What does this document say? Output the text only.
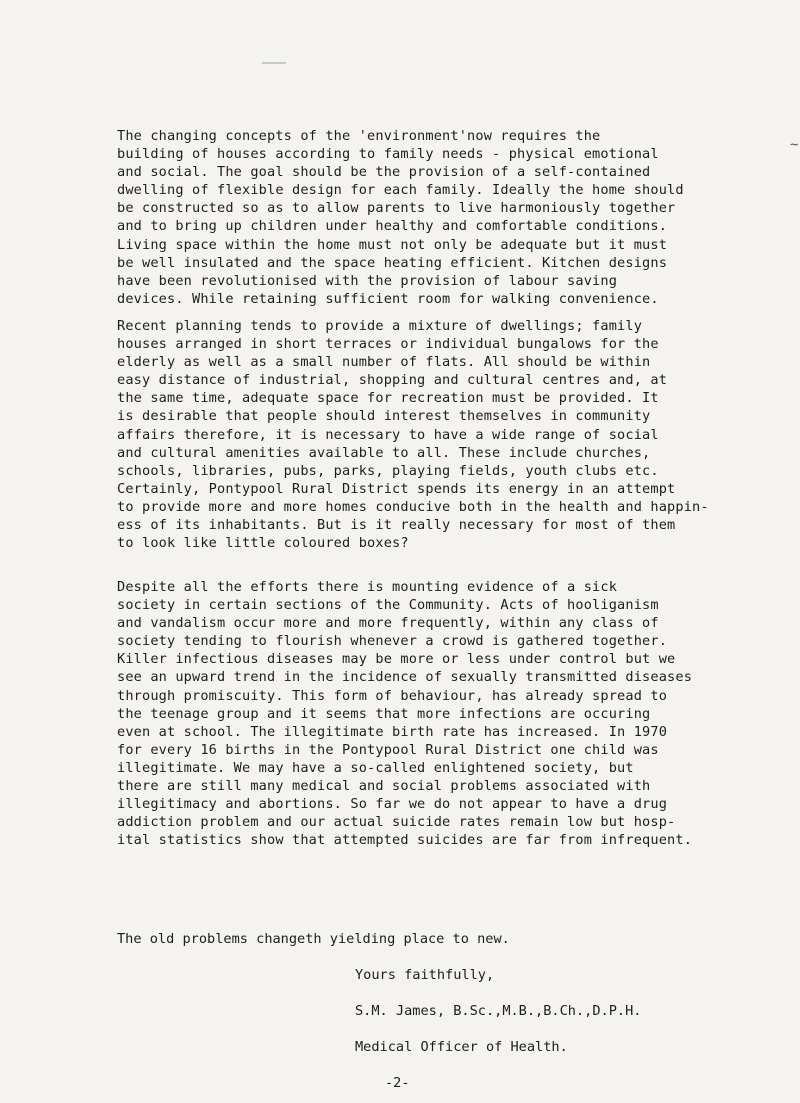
~
The changing concepts of the 'environment'now requires the
building of houses according to family needs - physical emotional
and social. The goal should be the provision of a self-contained
dwelling of flexible design for each family. Ideally the home should
be constructed so as to allow parents to live harmoniously together
and to bring up children under healthy and comfortable conditions.
Living space within the home must not only be adequate but it must
be well insulated and the space heating efficient. Kitchen designs
have been revolutionised with the provision of labour saving
devices. While retaining sufficient room for walking convenience.
Recent planning tends to provide a mixture of dwellings; family
houses arranged in short terraces or individual bungalows for the
elderly as well as a small number of flats. All should be within
easy distance of industrial, shopping and cultural centres and, at
the same time, adequate space for recreation must be provided. It
is desirable that people should interest themselves in community
affairs therefore, it is necessary to have a wide range of social
and cultural amenities available to all. These include churches,
schools, libraries, pubs, parks, playing fields, youth clubs etc.
Certainly, Pontypool Rural District spends its energy in an attempt
to provide more and more homes conducive both in the health and happin-
ess of its inhabitants. But is it really necessary for most of them
to look like little coloured boxes?
Despite all the efforts there is mounting evidence of a sick
society in certain sections of the Community. Acts of hooliganism
and vandalism occur more and more frequently, within any class of
society tending to flourish whenever a crowd is gathered together.
Killer infectious diseases may be more or less under control but we
see an upward trend in the incidence of sexually transmitted diseases
through promiscuity. This form of behaviour, has already spread to
the teenage group and it seems that more infections are occuring
even at school. The illegitimate birth rate has increased. In 1970
for every 16 births in the Pontypool Rural District one child was
illegitimate. We may have a so-called enlightened society, but
there are still many medical and social problems associated with
illegitimacy and abortions. So far we do not appear to have a drug
addiction problem and our actual suicide rates remain low but hosp-
ital statistics show that attempted suicides are far from infrequent.
The old problems changeth yielding place to new.
Yours faithfully,
S.M. James, B.Sc.,M.B.,B.Ch.,D.P.H.
Medical Officer of Health.
-2-
